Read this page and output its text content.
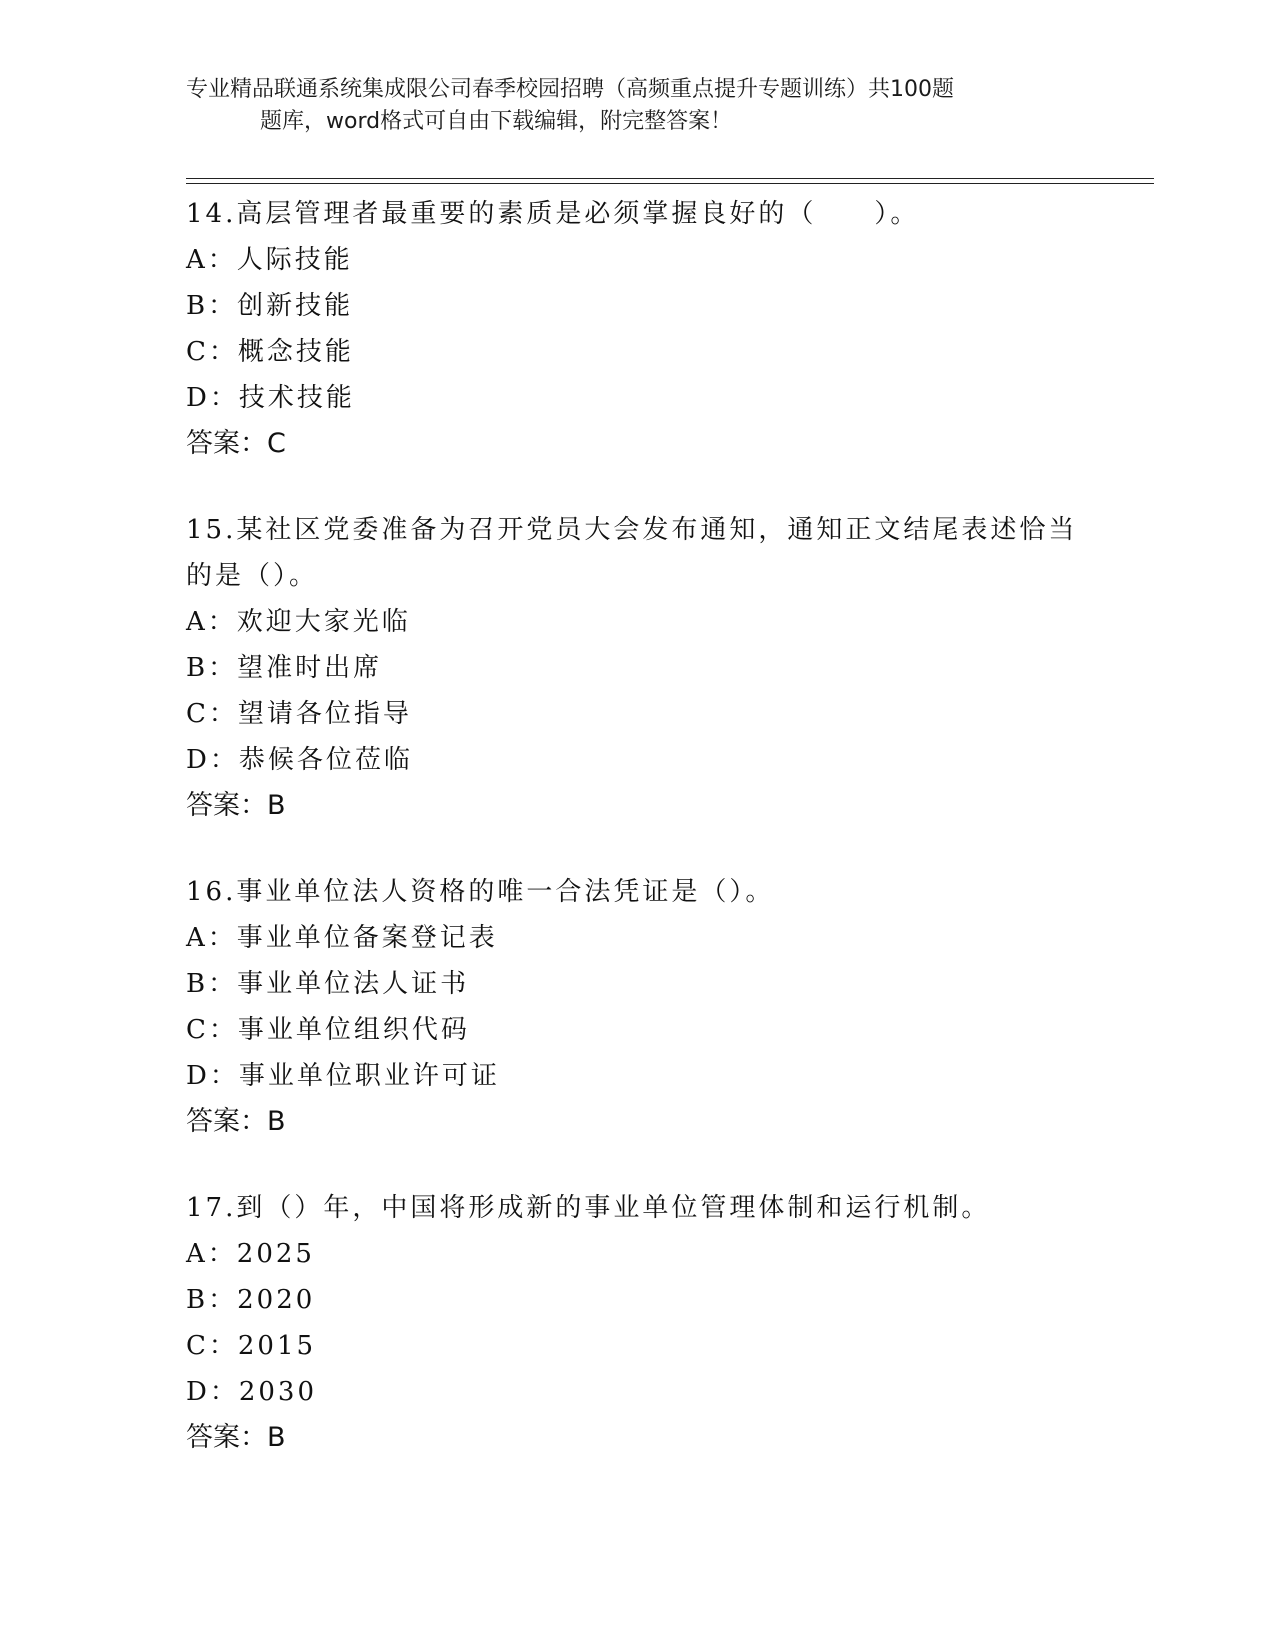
专业精品联通系统集成限公司春季校园招聘（高频重点提升专题训练）共100题
题库，word格式可自由下载编辑，附完整答案！
14.高层管理者最重要的素质是必须掌握良好的（　　）。
A：人际技能
B：创新技能
C：概念技能
D：技术技能
答案：C
15.某社区党委准备为召开党员大会发布通知，通知正文结尾表述恰当
的是（）。
A：欢迎大家光临
B：望准时出席
C：望请各位指导
D：恭候各位莅临
答案：B
16.事业单位法人资格的唯一合法凭证是（）。
A：事业单位备案登记表
B：事业单位法人证书
C：事业单位组织代码
D：事业单位职业许可证
答案：B
17.到（）年，中国将形成新的事业单位管理体制和运行机制。
A：2025
B：2020
C：2015
D：2030
答案：B
